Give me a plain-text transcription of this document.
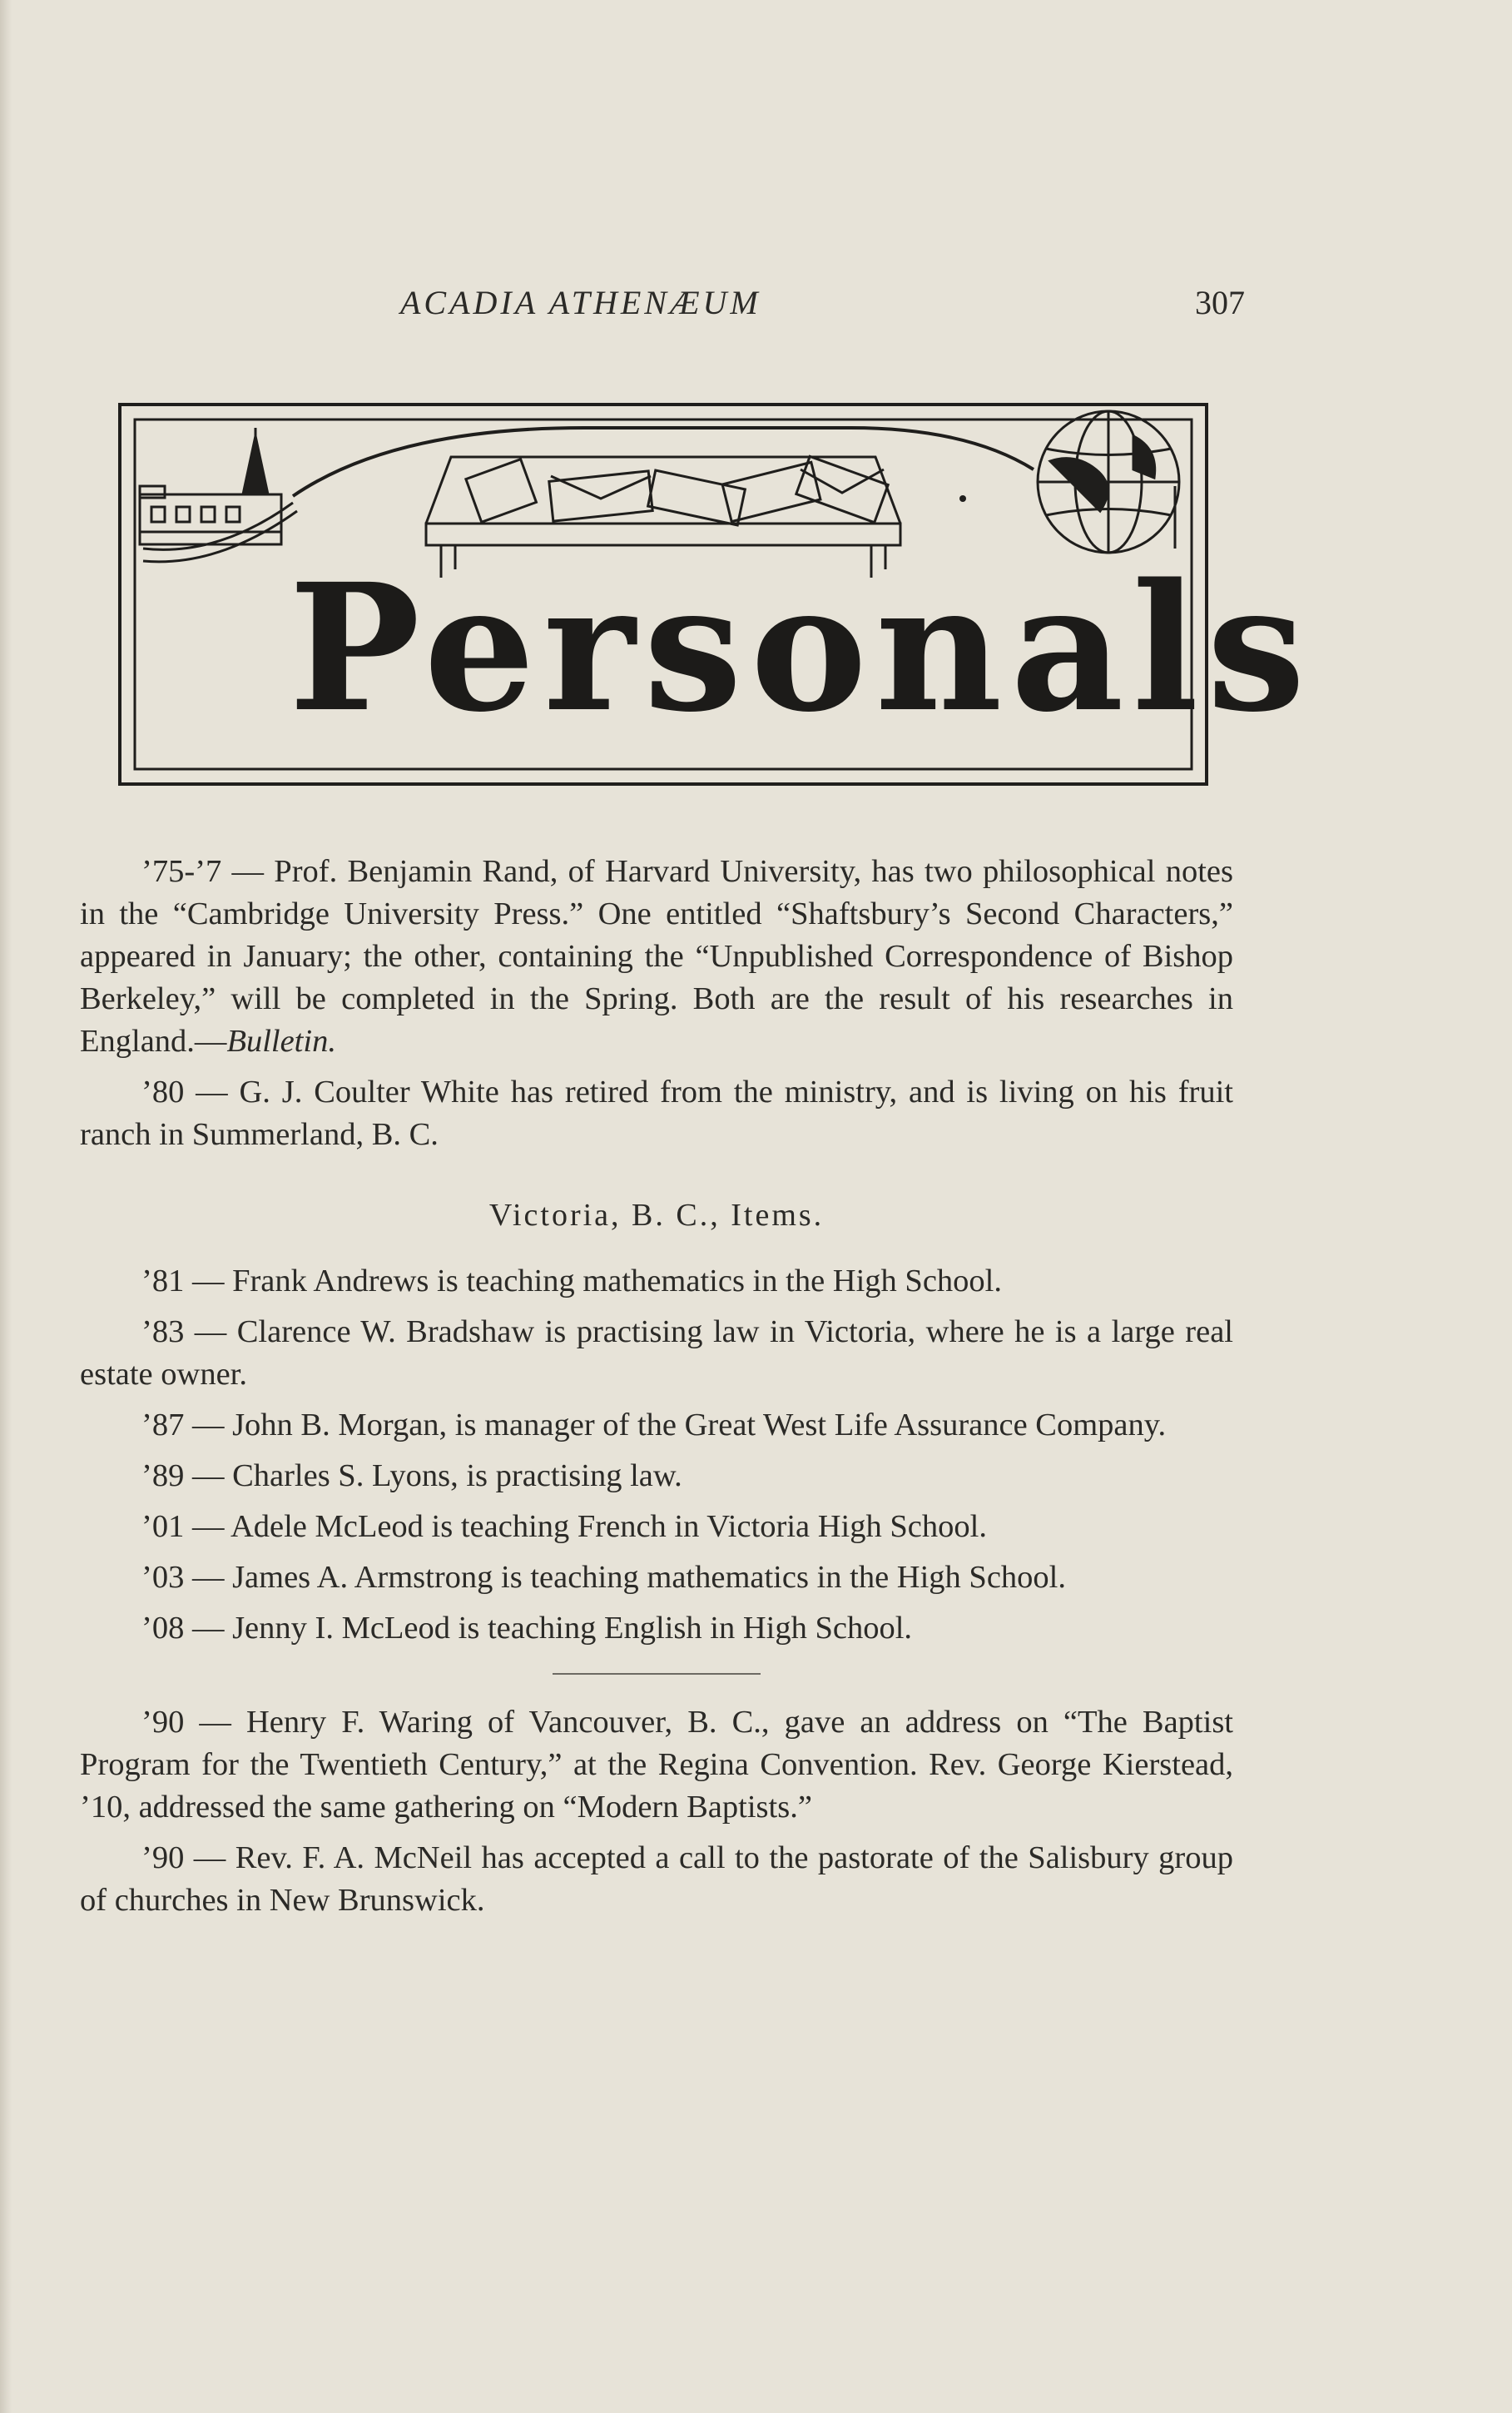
ACADIA ATHENÆUM	307
Personals

’75-’7 — Prof. Benjamin Rand, of Harvard University, has two philosophical notes in the “Cambridge University Press.” One entitled “Shaftsbury’s Second Characters,” appeared in January; the other, containing the “Unpublished Correspondence of Bishop Berkeley,” will be completed in the Spring. Both are the result of his researches in England.—Bulletin.

’80 — G. J. Coulter White has retired from the ministry, and is living on his fruit ranch in Summerland, B. C.

Victoria, B. C., Items.

’81 — Frank Andrews is teaching mathematics in the High School.

’83 — Clarence W. Bradshaw is practising law in Victoria, where he is a large real estate owner.

’87 — John B. Morgan, is manager of the Great West Life Assurance Company.

’89 — Charles S. Lyons, is practising law.

’01 — Adele McLeod is teaching French in Victoria High School.

’03 — James A. Armstrong is teaching mathematics in the High School.

’08 — Jenny I. McLeod is teaching English in High School.

’90 — Henry F. Waring of Vancouver, B. C., gave an address on “The Baptist Program for the Twentieth Century,” at the Regina Convention. Rev. George Kierstead, ’10, addressed the same gathering on “Modern Baptists.”

’90 — Rev. F. A. McNeil has accepted a call to the pastorate of the Salisbury group of churches in New Brunswick.
